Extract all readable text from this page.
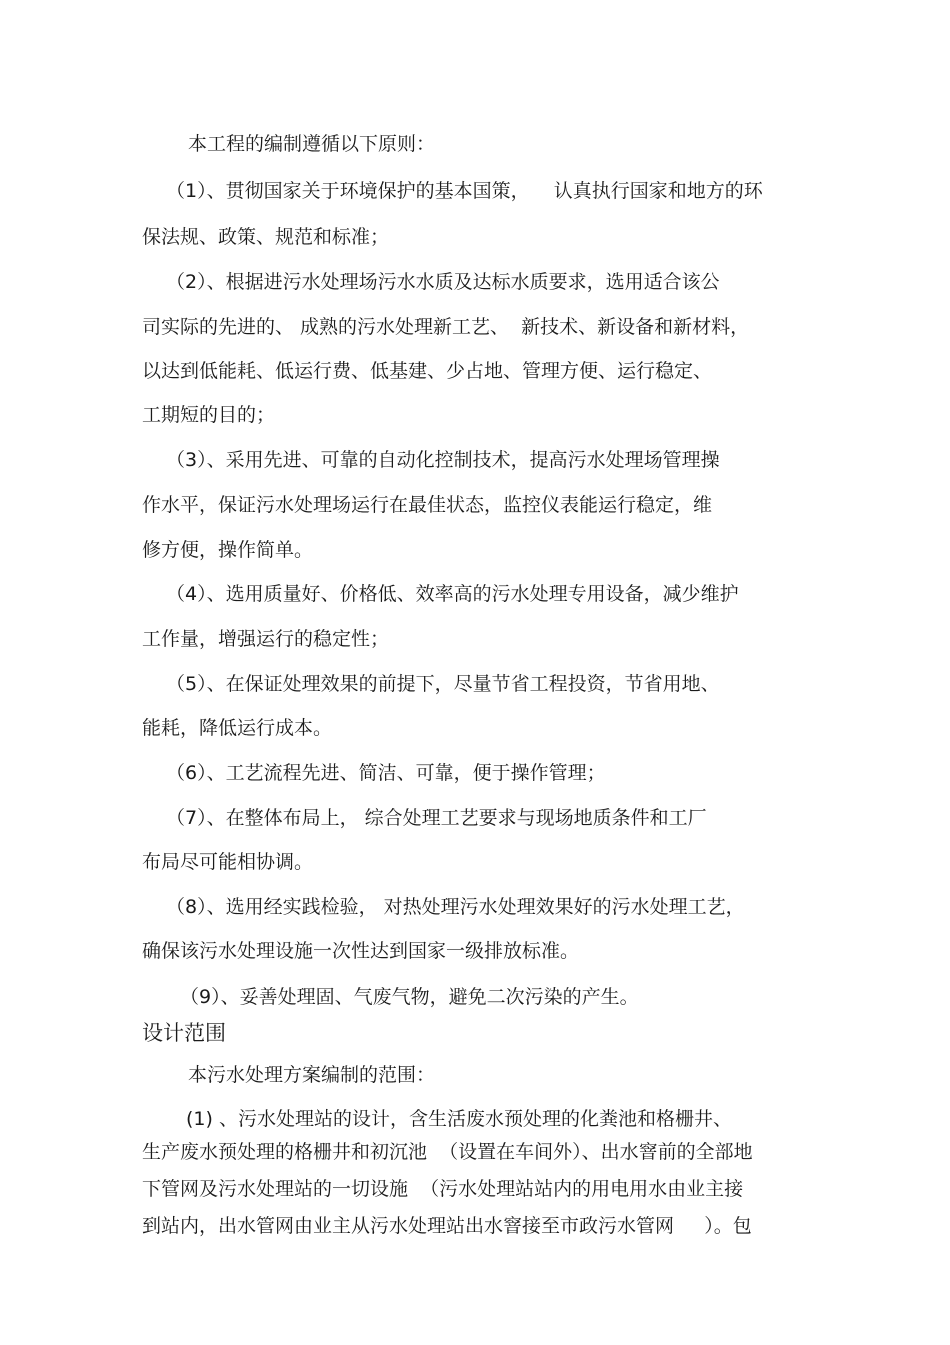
本工程的编制遵循以下原则：
（1）、贯彻国家关于环境保护的基本国策，    认真执行国家和地方的环
保法规、政策、规范和标准；
（2）、根据进污水处理场污水水质及达标水质要求，选用适合该公
司实际的先进的、 成熟的污水处理新工艺、  新技术、新设备和新材料，
以达到低能耗、低运行费、低基建、少占地、管理方便、运行稳定、
工期短的目的；
（3）、采用先进、可靠的自动化控制技术，提高污水处理场管理操
作水平，保证污水处理场运行在最佳状态，监控仪表能运行稳定，维
修方便，操作简单。
（4）、选用质量好、价格低、效率高的污水处理专用设备，减少维护
工作量，增强运行的稳定性；
（5）、在保证处理效果的前提下，尽量节省工程投资，节省用地、
能耗，降低运行成本。
（6）、工艺流程先进、简洁、可靠，便于操作管理；
（7）、在整体布局上， 综合处理工艺要求与现场地质条件和工厂
布局尽可能相协调。
（8）、选用经实践检验， 对热处理污水处理效果好的污水处理工艺，
确保该污水处理设施一次性达到国家一级排放标准。
（9）、妥善处理固、气废气物，避免二次污染的产生。
设计范围
本污水处理方案编制的范围：
(1) 、污水处理站的设计，含生活废水预处理的化粪池和格栅井、
生产废水预处理的格栅井和初沉池  （设置在车间外）、出水窨前的全部地
下管网及污水处理站的一切设施  （污水处理站站内的用电用水由业主接
到站内，出水管网由业主从污水处理站出水窨接至市政污水管网     ）。包
